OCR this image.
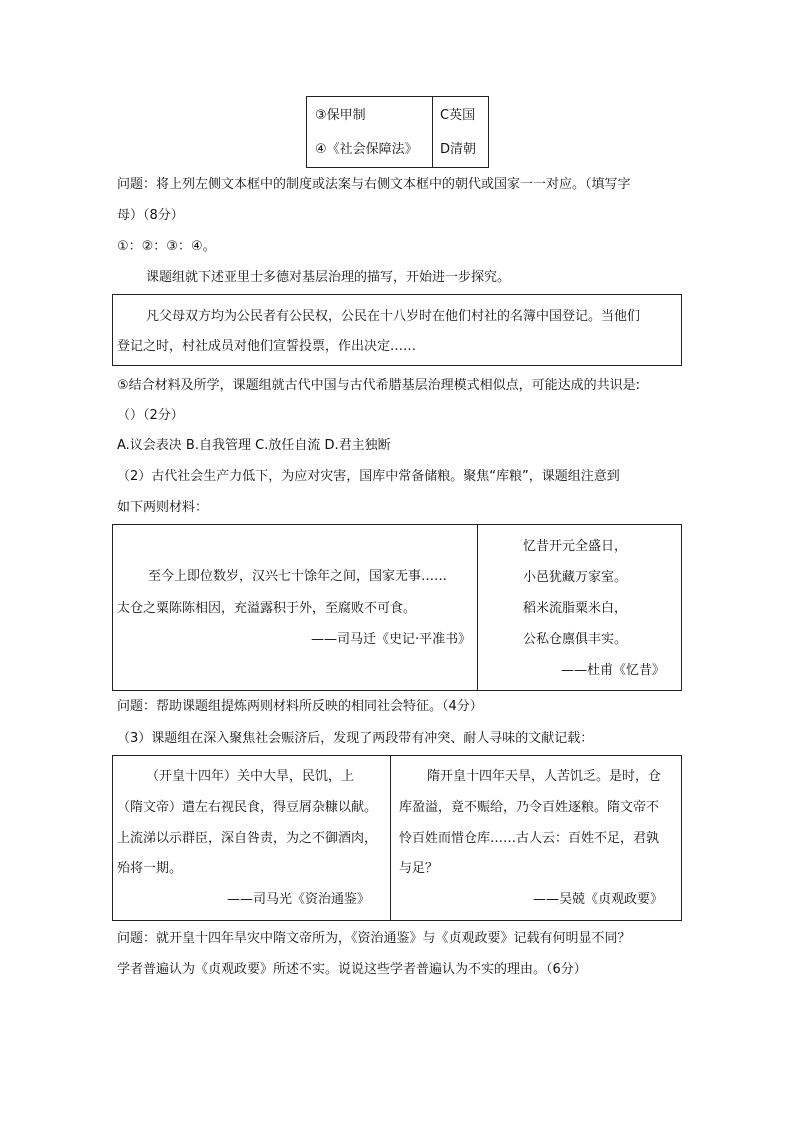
③保甲制
④《社会保障法》
C英国
D清朝
问题：将上列左侧文本框中的制度或法案与右侧文本框中的朝代或国家一一对应。（填写字
母）（8分）
①：②：③：④。
课题组就下述亚里士多德对基层治理的描写，开始进一步探究。
凡父母双方均为公民者有公民权，公民在十八岁时在他们村社的名簿中国登记。当他们
登记之时，村社成员对他们宣誓投票，作出决定……
⑤结合材料及所学，课题组就古代中国与古代希腊基层治理模式相似点，可能达成的共识是:
（）（2分）
A.议会表决 B.自我管理 C.放任自流 D.君主独断
（2）古代社会生产力低下，为应对灾害，国库中常备储粮。聚焦“库粮”，课题组注意到
如下两则材料：
至今上即位数岁，汉兴七十馀年之间，国家无事……
太仓之粟陈陈相因，充溢露积于外，至腐败不可食。
——司马迁《史记·平准书》
忆昔开元全盛日，
小邑犹藏万家室。
稻米流脂粟米白，
公私仓廪俱丰实。
——杜甫《忆昔》
问题：帮助课题组提炼两则材料所反映的相同社会特征。（4分）
（3）课题组在深入聚焦社会赈济后，发现了两段带有冲突、耐人寻味的文献记载：
（开皇十四年）关中大旱，民饥，上
（隋文帝）遣左右视民食，得豆屑杂糠以献。
上流涕以示群臣，深自咎责，为之不御酒肉，
殆将一期。
——司马光《资治通鉴》
隋开皇十四年天旱，人苦饥乏。是时，仓
库盈溢，竟不赈给，乃令百姓逐粮。隋文帝不
怜百姓而惜仓库……古人云：百姓不足，君孰
与足？
——吴兢《贞观政要》
问题：就开皇十四年旱灾中隋文帝所为，《资治通鉴》与《贞观政要》记载有何明显不同？
学者普遍认为《贞观政要》所述不实。说说这些学者普遍认为不实的理由。（6分）
